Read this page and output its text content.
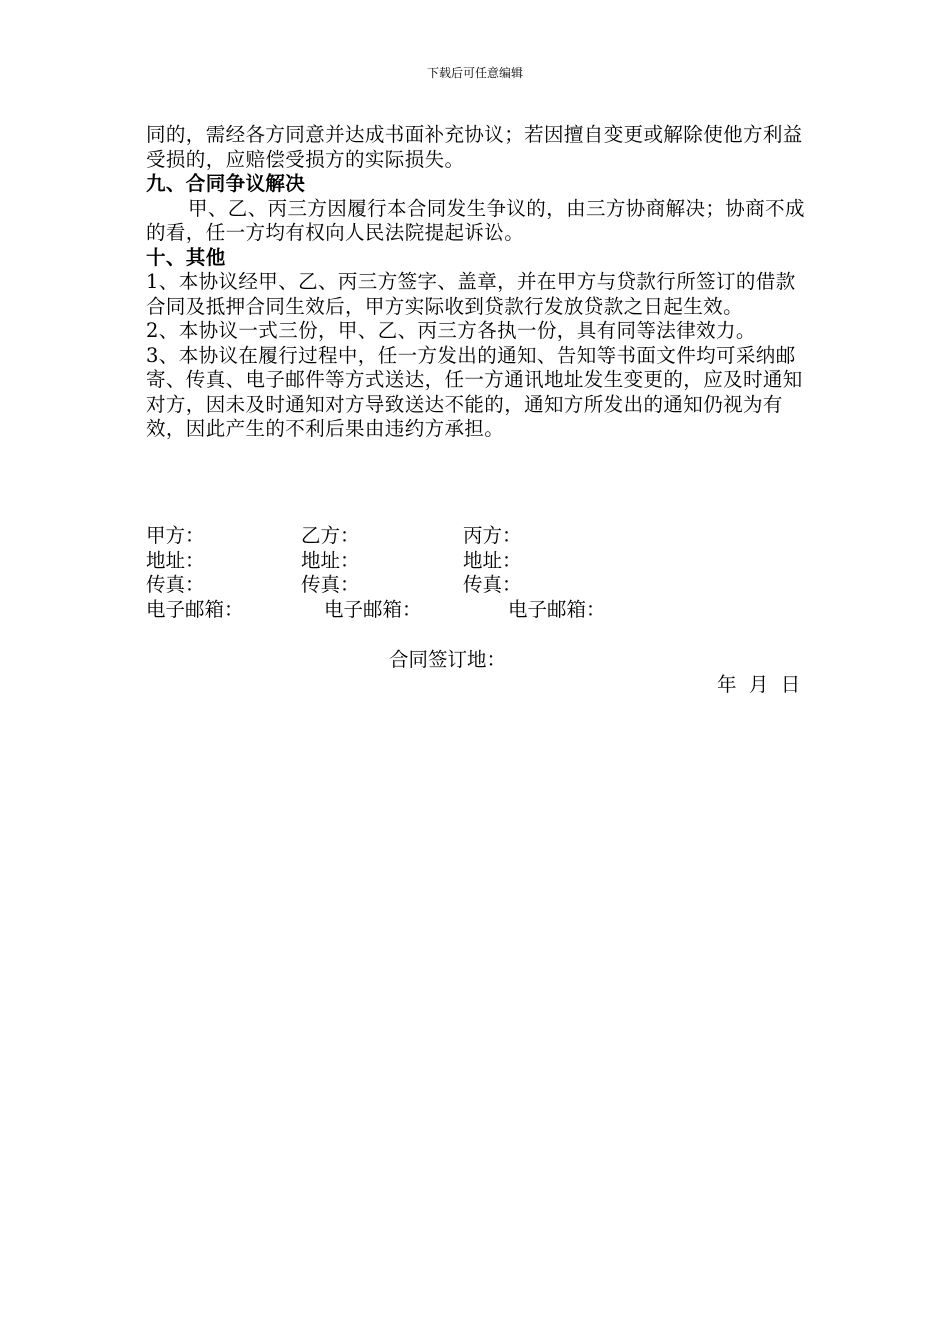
下载后可任意编辑

同的，需经各方同意并达成书面补充协议；若因擅自变更或解除使他方利益受损的，应赔偿受损方的实际损失。

九、合同争议解决

甲、乙、丙三方因履行本合同发生争议的，由三方协商解决；协商不成的看，任一方均有权向人民法院提起诉讼。

十、其他

1、本协议经甲、乙、丙三方签字、盖章，并在甲方与贷款行所签订的借款合同及抵押合同生效后，甲方实际收到贷款行发放贷款之日起生效。

2、本协议一式三份，甲、乙、丙三方各执一份，具有同等法律效力。

3、本协议在履行过程中，任一方发出的通知、告知等书面文件均可采纳邮寄、传真、电子邮件等方式送达，任一方通讯地址发生变更的，应及时通知对方，因未及时通知对方导致送达不能的，通知方所发出的通知仍视为有效，因此产生的不利后果由违约方承担。

甲方：	乙方：	丙方：
地址：	地址：	地址：
传真：	传真：	传真：
电子邮箱：	电子邮箱：	电子邮箱：
合同签订地：
年  月  日
